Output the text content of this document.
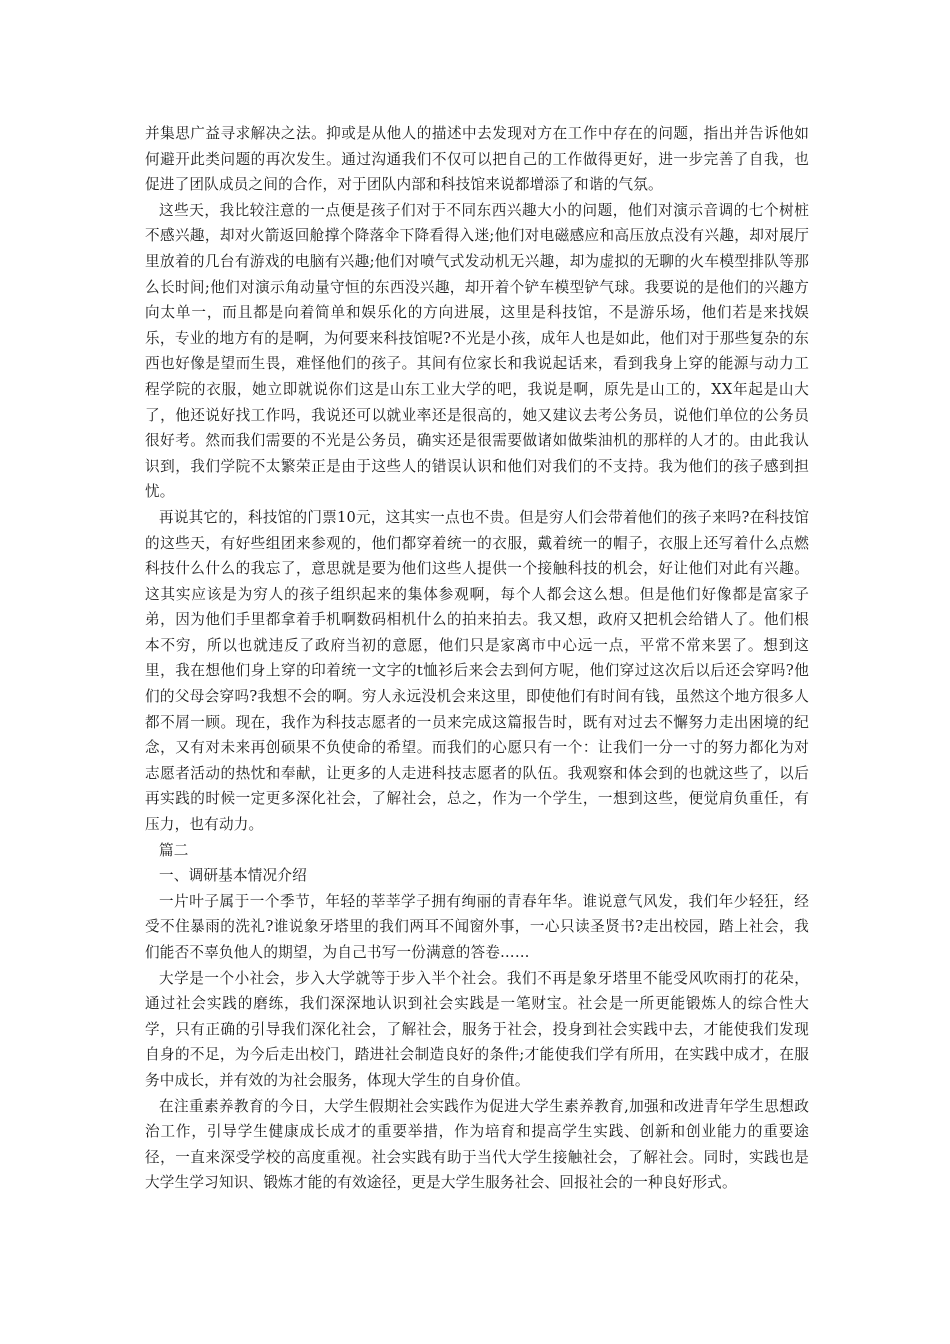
并集思广益寻求解决之法。抑或是从他人的描述中去发现对方在工作中存在的问题，指出并告诉他如何避开此类问题的再次发生。通过沟通我们不仅可以把自己的工作做得更好，进一步完善了自我，也促进了团队成员之间的合作，对于团队内部和科技馆来说都增添了和谐的气氛。

这些天，我比较注意的一点便是孩子们对于不同东西兴趣大小的问题，他们对演示音调的七个树桩不感兴趣，却对火箭返回舱撑个降落伞下降看得入迷;他们对电磁感应和高压放点没有兴趣，却对展厅里放着的几台有游戏的电脑有兴趣;他们对喷气式发动机无兴趣，却为虚拟的无聊的火车模型排队等那么长时间;他们对演示角动量守恒的东西没兴趣，却开着个铲车模型铲气球。我要说的是他们的兴趣方向太单一，而且都是向着简单和娱乐化的方向进展，这里是科技馆，不是游乐场，他们若是来找娱乐，专业的地方有的是啊，为何要来科技馆呢?不光是小孩，成年人也是如此，他们对于那些复杂的东西也好像是望而生畏，难怪他们的孩子。其间有位家长和我说起话来，看到我身上穿的能源与动力工程学院的衣服，她立即就说你们这是山东工业大学的吧，我说是啊，原先是山工的，XX年起是山大了，他还说好找工作吗，我说还可以就业率还是很高的，她又建议去考公务员，说他们单位的公务员很好考。然而我们需要的不光是公务员，确实还是很需要做诸如做柴油机的那样的人才的。由此我认识到，我们学院不太繁荣正是由于这些人的错误认识和他们对我们的不支持。我为他们的孩子感到担忧。

再说其它的，科技馆的门票10元，这其实一点也不贵。但是穷人们会带着他们的孩子来吗?在科技馆的这些天，有好些组团来参观的，他们都穿着统一的衣服，戴着统一的帽子，衣服上还写着什么点燃科技什么什么的我忘了，意思就是要为他们这些人提供一个接触科技的机会，好让他们对此有兴趣。这其实应该是为穷人的孩子组织起来的集体参观啊，每个人都会这么想。但是他们好像都是富家子弟，因为他们手里都拿着手机啊数码相机什么的拍来拍去。我又想，政府又把机会给错人了。他们根本不穷，所以也就违反了政府当初的意愿，他们只是家离市中心远一点，平常不常来罢了。想到这里，我在想他们身上穿的印着统一文字的t恤衫后来会去到何方呢，他们穿过这次后以后还会穿吗?他们的父母会穿吗?我想不会的啊。穷人永远没机会来这里，即使他们有时间有钱，虽然这个地方很多人都不屑一顾。现在，我作为科技志愿者的一员来完成这篇报告时，既有对过去不懈努力走出困境的纪念，又有对未来再创硕果不负使命的希望。而我们的心愿只有一个：让我们一分一寸的努力都化为对志愿者活动的热忱和奉献，让更多的人走进科技志愿者的队伍。我观察和体会到的也就这些了，以后再实践的时候一定更多深化社会，了解社会，总之，作为一个学生，一想到这些，便觉肩负重任，有压力，也有动力。

篇二

一、调研基本情况介绍

一片叶子属于一个季节，年轻的莘莘学子拥有绚丽的青春年华。谁说意气风发，我们年少轻狂，经受不住暴雨的洗礼?谁说象牙塔里的我们两耳不闻窗外事，一心只读圣贤书?走出校园，踏上社会，我们能否不辜负他人的期望，为自己书写一份满意的答卷……

大学是一个小社会，步入大学就等于步入半个社会。我们不再是象牙塔里不能受风吹雨打的花朵，通过社会实践的磨练，我们深深地认识到社会实践是一笔财宝。社会是一所更能锻炼人的综合性大学，只有正确的引导我们深化社会，了解社会，服务于社会，投身到社会实践中去，才能使我们发现自身的不足，为今后走出校门，踏进社会制造良好的条件;才能使我们学有所用，在实践中成才，在服务中成长，并有效的为社会服务，体现大学生的自身价值。

在注重素养教育的今日，大学生假期社会实践作为促进大学生素养教育,加强和改进青年学生思想政治工作，引导学生健康成长成才的重要举措，作为培育和提高学生实践、创新和创业能力的重要途径，一直来深受学校的高度重视。社会实践有助于当代大学生接触社会，了解社会。同时，实践也是大学生学习知识、锻炼才能的有效途径，更是大学生服务社会、回报社会的一种良好形式。
